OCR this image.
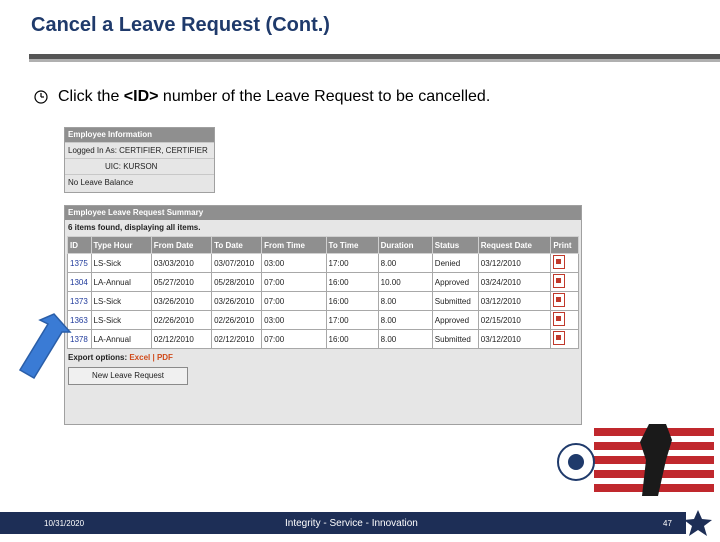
Cancel a Leave Request (Cont.)
Click the <ID> number of the Leave Request to be cancelled.
Employee Information
Logged In As: CERTIFIER, CERTIFIER
UIC: KURSON
No Leave Balance
Employee Leave Request Summary
6 items found, displaying all items.
ID	Type Hour	From Date	To Date	From Time	To Time	Duration	Status	Request Date	Print
1375	LS-Sick	03/03/2010	03/07/2010	03:00	17:00	8.00	Denied	03/12/2010	
1304	LA-Annual	05/27/2010	05/28/2010	07:00	16:00	10.00	Approved	03/24/2010	
1373	LS-Sick	03/26/2010	03/26/2010	07:00	16:00	8.00	Submitted	03/12/2010	
1363	LS-Sick	02/26/2010	02/26/2010	03:00	17:00	8.00	Approved	02/15/2010	
1378	LA-Annual	02/12/2010	02/12/2010	07:00	16:00	8.00	Submitted	03/12/2010	
Export options: Excel | PDF
New Leave Request
10/31/2020	Integrity - Service - Innovation	47
